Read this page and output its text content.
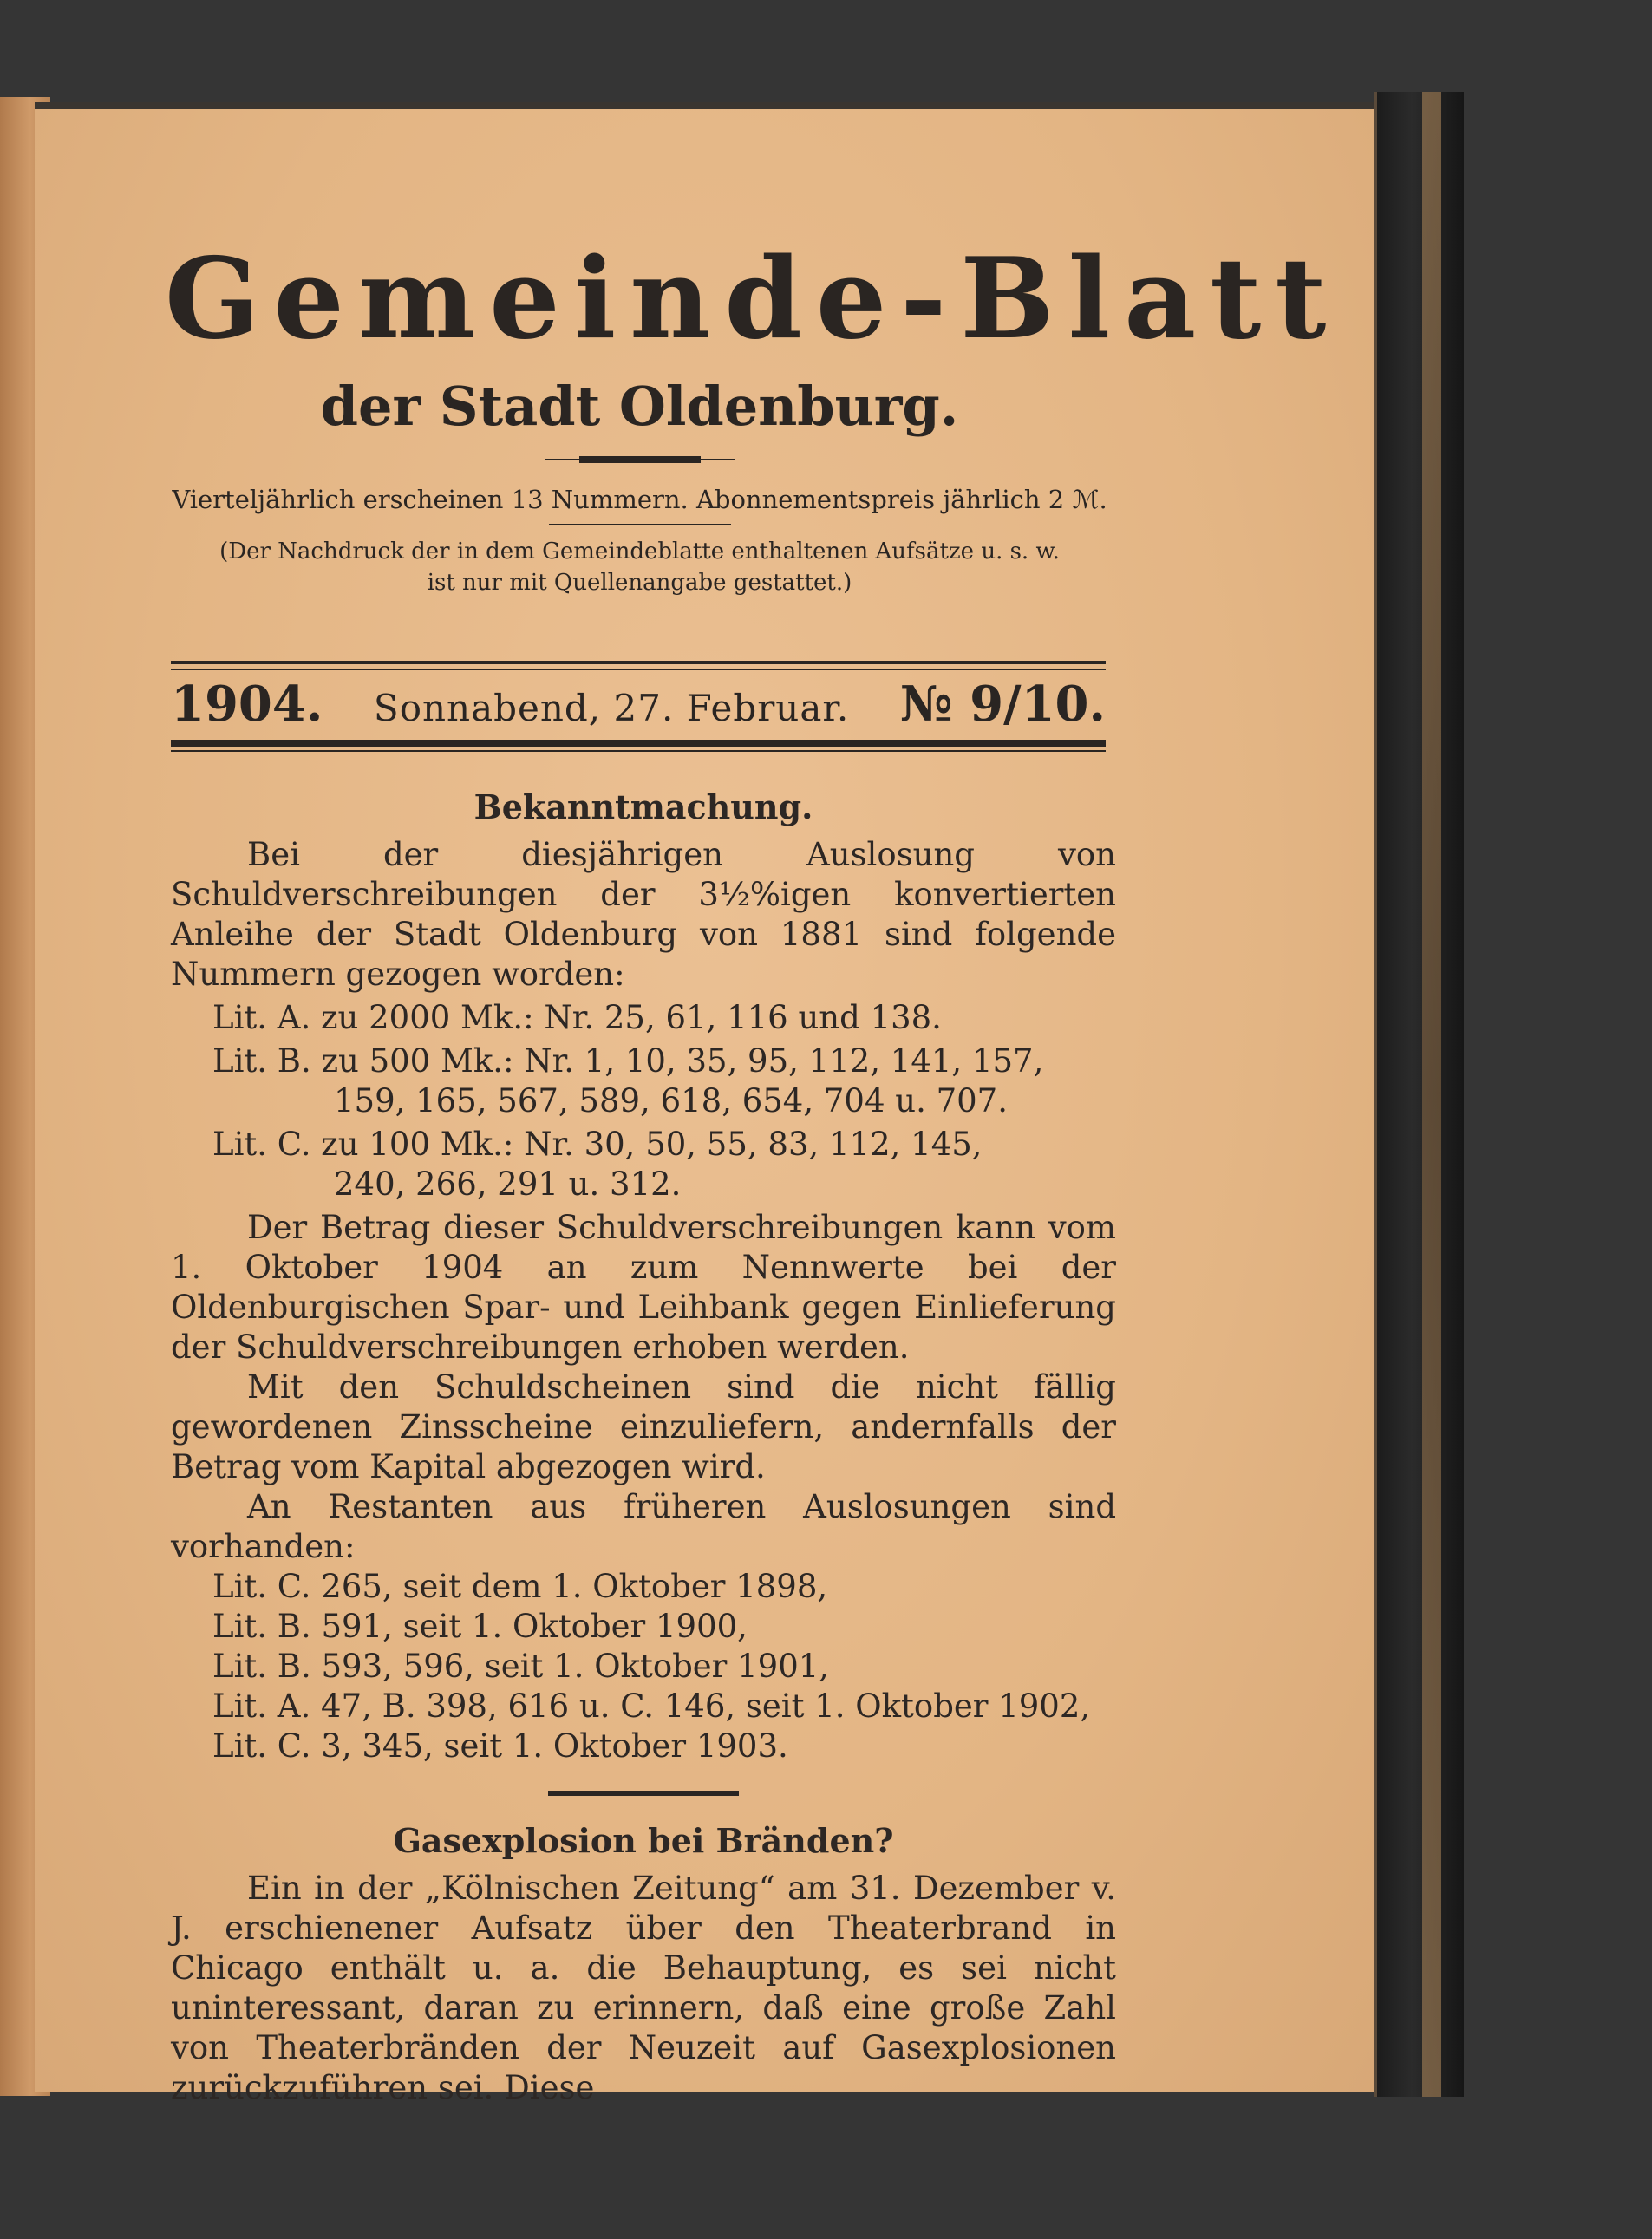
Gemeinde-Blatt
der Stadt Oldenburg.
Vierteljährlich erscheinen 13 Nummern. Abonnementspreis jährlich 2 ℳ.
(Der Nachdruck der in dem Gemeindeblatte enthaltenen Aufsätze u. s. w.
ist nur mit Quellenangabe gestattet.)
1904. Sonnabend, 27. Februar. № 9/10.
Bekanntmachung.

Bei der diesjährigen Auslosung von Schuldverschreibungen der 3½%igen konvertierten Anleihe der Stadt Oldenburg von 1881 sind folgende Nummern gezogen worden:

Lit. A. zu 2000 Mk.: Nr. 25, 61, 116 und 138.
Lit. B. zu 500 Mk.: Nr. 1, 10, 35, 95, 112, 141, 157,
159, 165, 567, 589, 618, 654, 704 u. 707.
Lit. C. zu 100 Mk.: Nr. 30, 50, 55, 83, 112, 145,
240, 266, 291 u. 312.

Der Betrag dieser Schuldverschreibungen kann vom 1. Oktober 1904 an zum Nennwerte bei der Oldenburgischen Spar- und Leihbank gegen Einlieferung der Schuldverschreibungen erhoben werden.

Mit den Schuldscheinen sind die nicht fällig gewordenen Zinsscheine einzuliefern, andernfalls der Betrag vom Kapital abgezogen wird.

An Restanten aus früheren Auslosungen sind vorhanden:

Lit. C. 265, seit dem 1. Oktober 1898,
Lit. B. 591, seit 1. Oktober 1900,
Lit. B. 593, 596, seit 1. Oktober 1901,
Lit. A. 47, B. 398, 616 u. C. 146, seit 1. Oktober 1902,
Lit. C. 3, 345, seit 1. Oktober 1903.
Gasexplosion bei Bränden?

Ein in der „Kölnischen Zeitung“ am 31. Dezember v. J. erschienener Aufsatz über den Theaterbrand in Chicago enthält u. a. die Behauptung, es sei nicht uninteressant, daran zu erinnern, daß eine große Zahl von Theaterbränden der Neuzeit auf Gasexplosionen zurückzuführen sei. Diese
